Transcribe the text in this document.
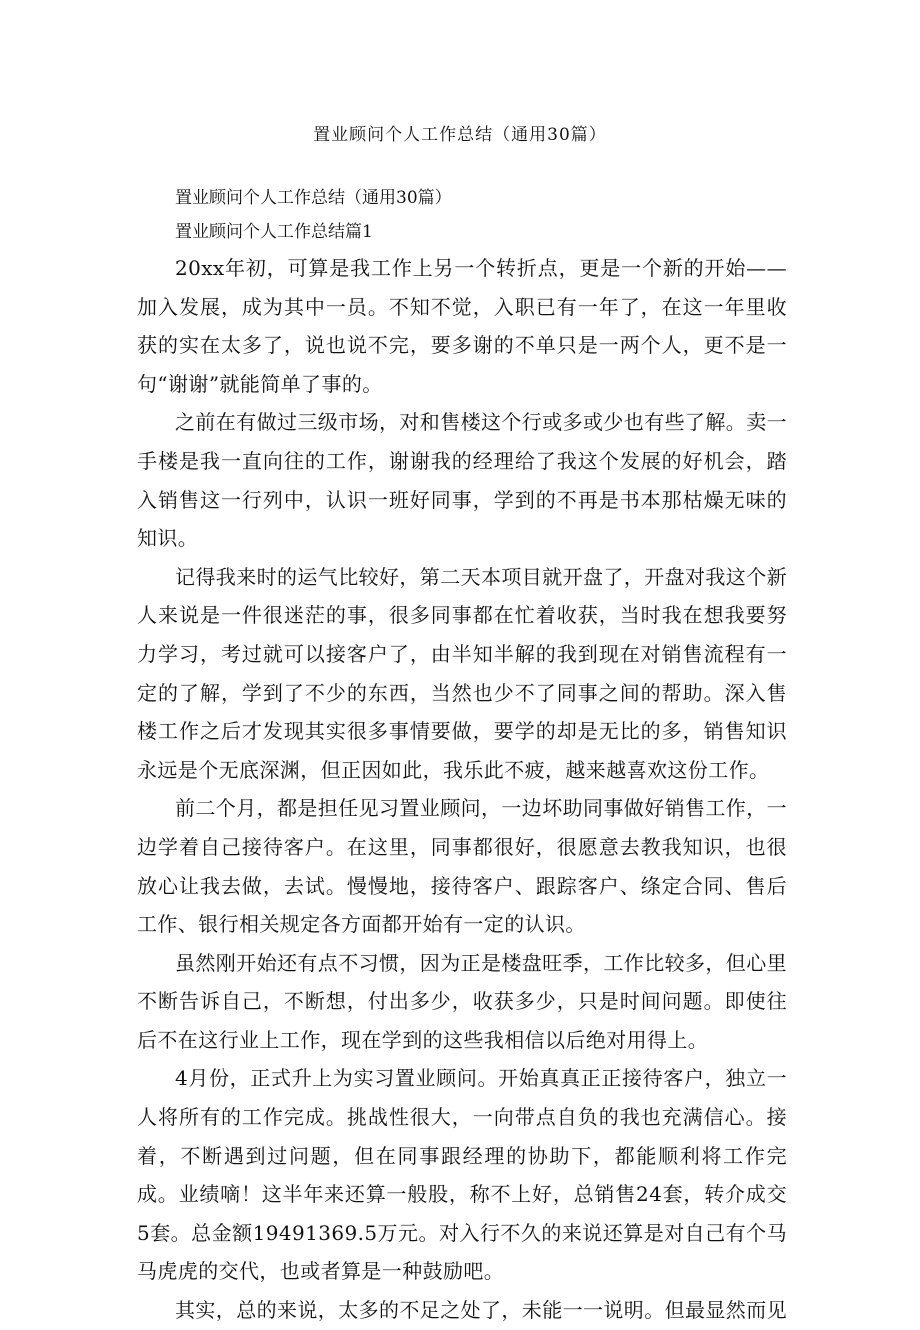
置业顾问个人工作总结（通用30篇）

置业顾问个人工作总结（通用30篇）

置业顾问个人工作总结篇1

20xx年初，可算是我工作上另一个转折点，更是一个新的开始——加入发展，成为其中一员。不知不觉，入职已有一年了，在这一年里收获的实在太多了，说也说不完，要多谢的不单只是一两个人，更不是一句“谢谢”就能简单了事的。

之前在有做过三级市场，对和售楼这个行或多或少也有些了解。卖一手楼是我一直向往的工作，谢谢我的经理给了我这个发展的好机会，踏入销售这一行列中，认识一班好同事，学到的不再是书本那枯燥无味的知识。

记得我来时的运气比较好，第二天本项目就开盘了，开盘对我这个新人来说是一件很迷茫的事，很多同事都在忙着收获，当时我在想我要努力学习，考过就可以接客户了，由半知半解的我到现在对销售流程有一定的了解，学到了不少的东西，当然也少不了同事之间的帮助。深入售楼工作之后才发现其实很多事情要做，要学的却是无比的多，销售知识永远是个无底深渊，但正因如此，我乐此不疲，越来越喜欢这份工作。

前二个月，都是担任见习置业顾问，一边坏助同事做好销售工作，一边学着自己接待客户。在这里，同事都很好，很愿意去教我知识，也很放心让我去做，去试。慢慢地，接待客户、跟踪客户、绦定合同、售后工作、银行相关规定各方面都开始有一定的认识。

虽然刚开始还有点不习惯，因为正是楼盘旺季，工作比较多，但心里不断告诉自己，不断想，付出多少，收获多少，只是时间问题。即使往后不在这行业上工作，现在学到的这些我相信以后绝对用得上。

4月份，正式升上为实习置业顾问。开始真真正正接待客户，独立一人将所有的工作完成。挑战性很大，一向带点自负的我也充满信心。接着，不断遇到过问题，但在同事跟经理的协助下，都能顺利将工作完成。业绩嘀！这半年来还算一般股，称不上好，总销售24套，转介成交5套。总金额19491369.5万元。对入行不久的来说还算是对自己有个马马虎虎的交代，也或者算是一种鼓励吧。

其实，总的来说，太多的不足之处了，未能一一说明。但最显然而见
